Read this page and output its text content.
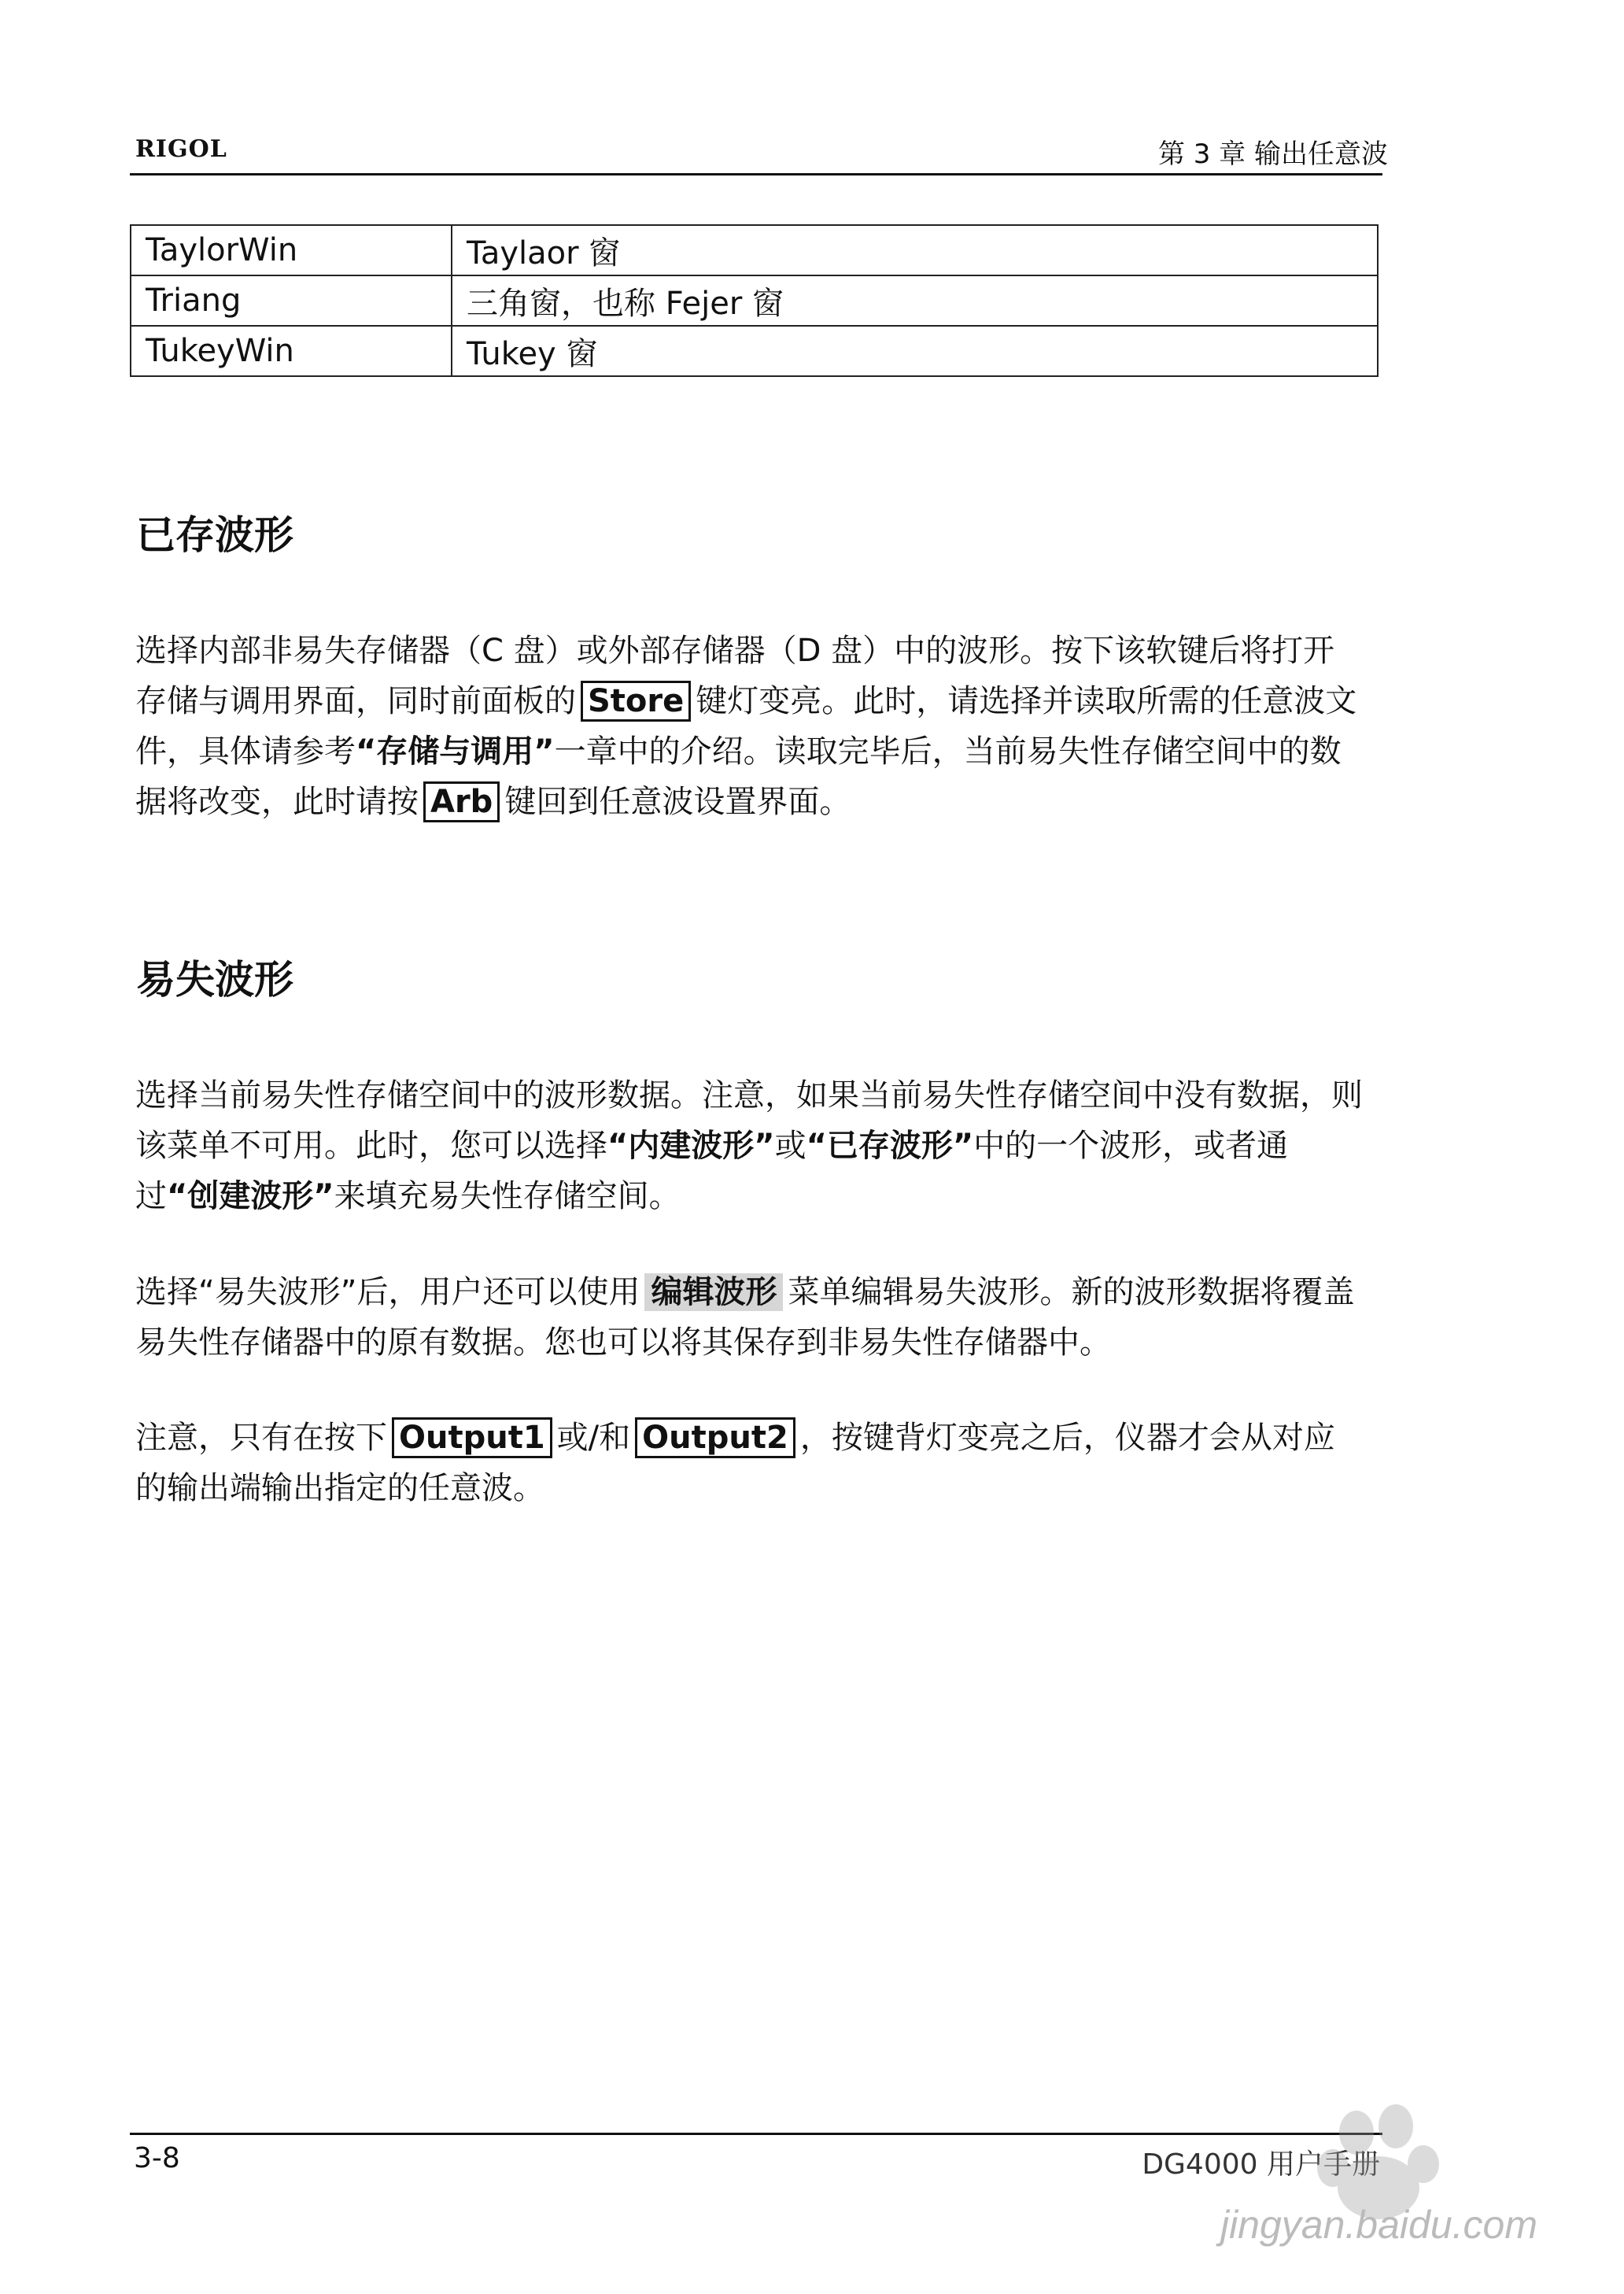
RIGOL	第 3 章 输出任意波
TaylorWin	Taylaor 窗
Triang	三角窗，也称 Fejer 窗
TukeyWin	Tukey 窗
已存波形

选择内部非易失存储器（C 盘）或外部存储器（D 盘）中的波形。按下该软键后将打开存储与调用界面，同时前面板的 Store 键灯变亮。此时，请选择并读取所需的任意波文件，具体请参考“存储与调用”一章中的介绍。读取完毕后，当前易失性存储空间中的数据将改变，此时请按 Arb 键回到任意波设置界面。

易失波形

选择当前易失性存储空间中的波形数据。注意，如果当前易失性存储空间中没有数据，则该菜单不可用。此时，您可以选择“内建波形”或“已存波形”中的一个波形，或者通过“创建波形”来填充易失性存储空间。

选择“易失波形”后，用户还可以使用 编辑波形 菜单编辑易失波形。新的波形数据将覆盖易失性存储器中的原有数据。您也可以将其保存到非易失性存储器中。

注意，只有在按下 Output1 或/和 Output2 ，按键背灯变亮之后，仪器才会从对应的输出端输出指定的任意波。

3-8	DG4000 用户手册
jingyan.baidu.com
